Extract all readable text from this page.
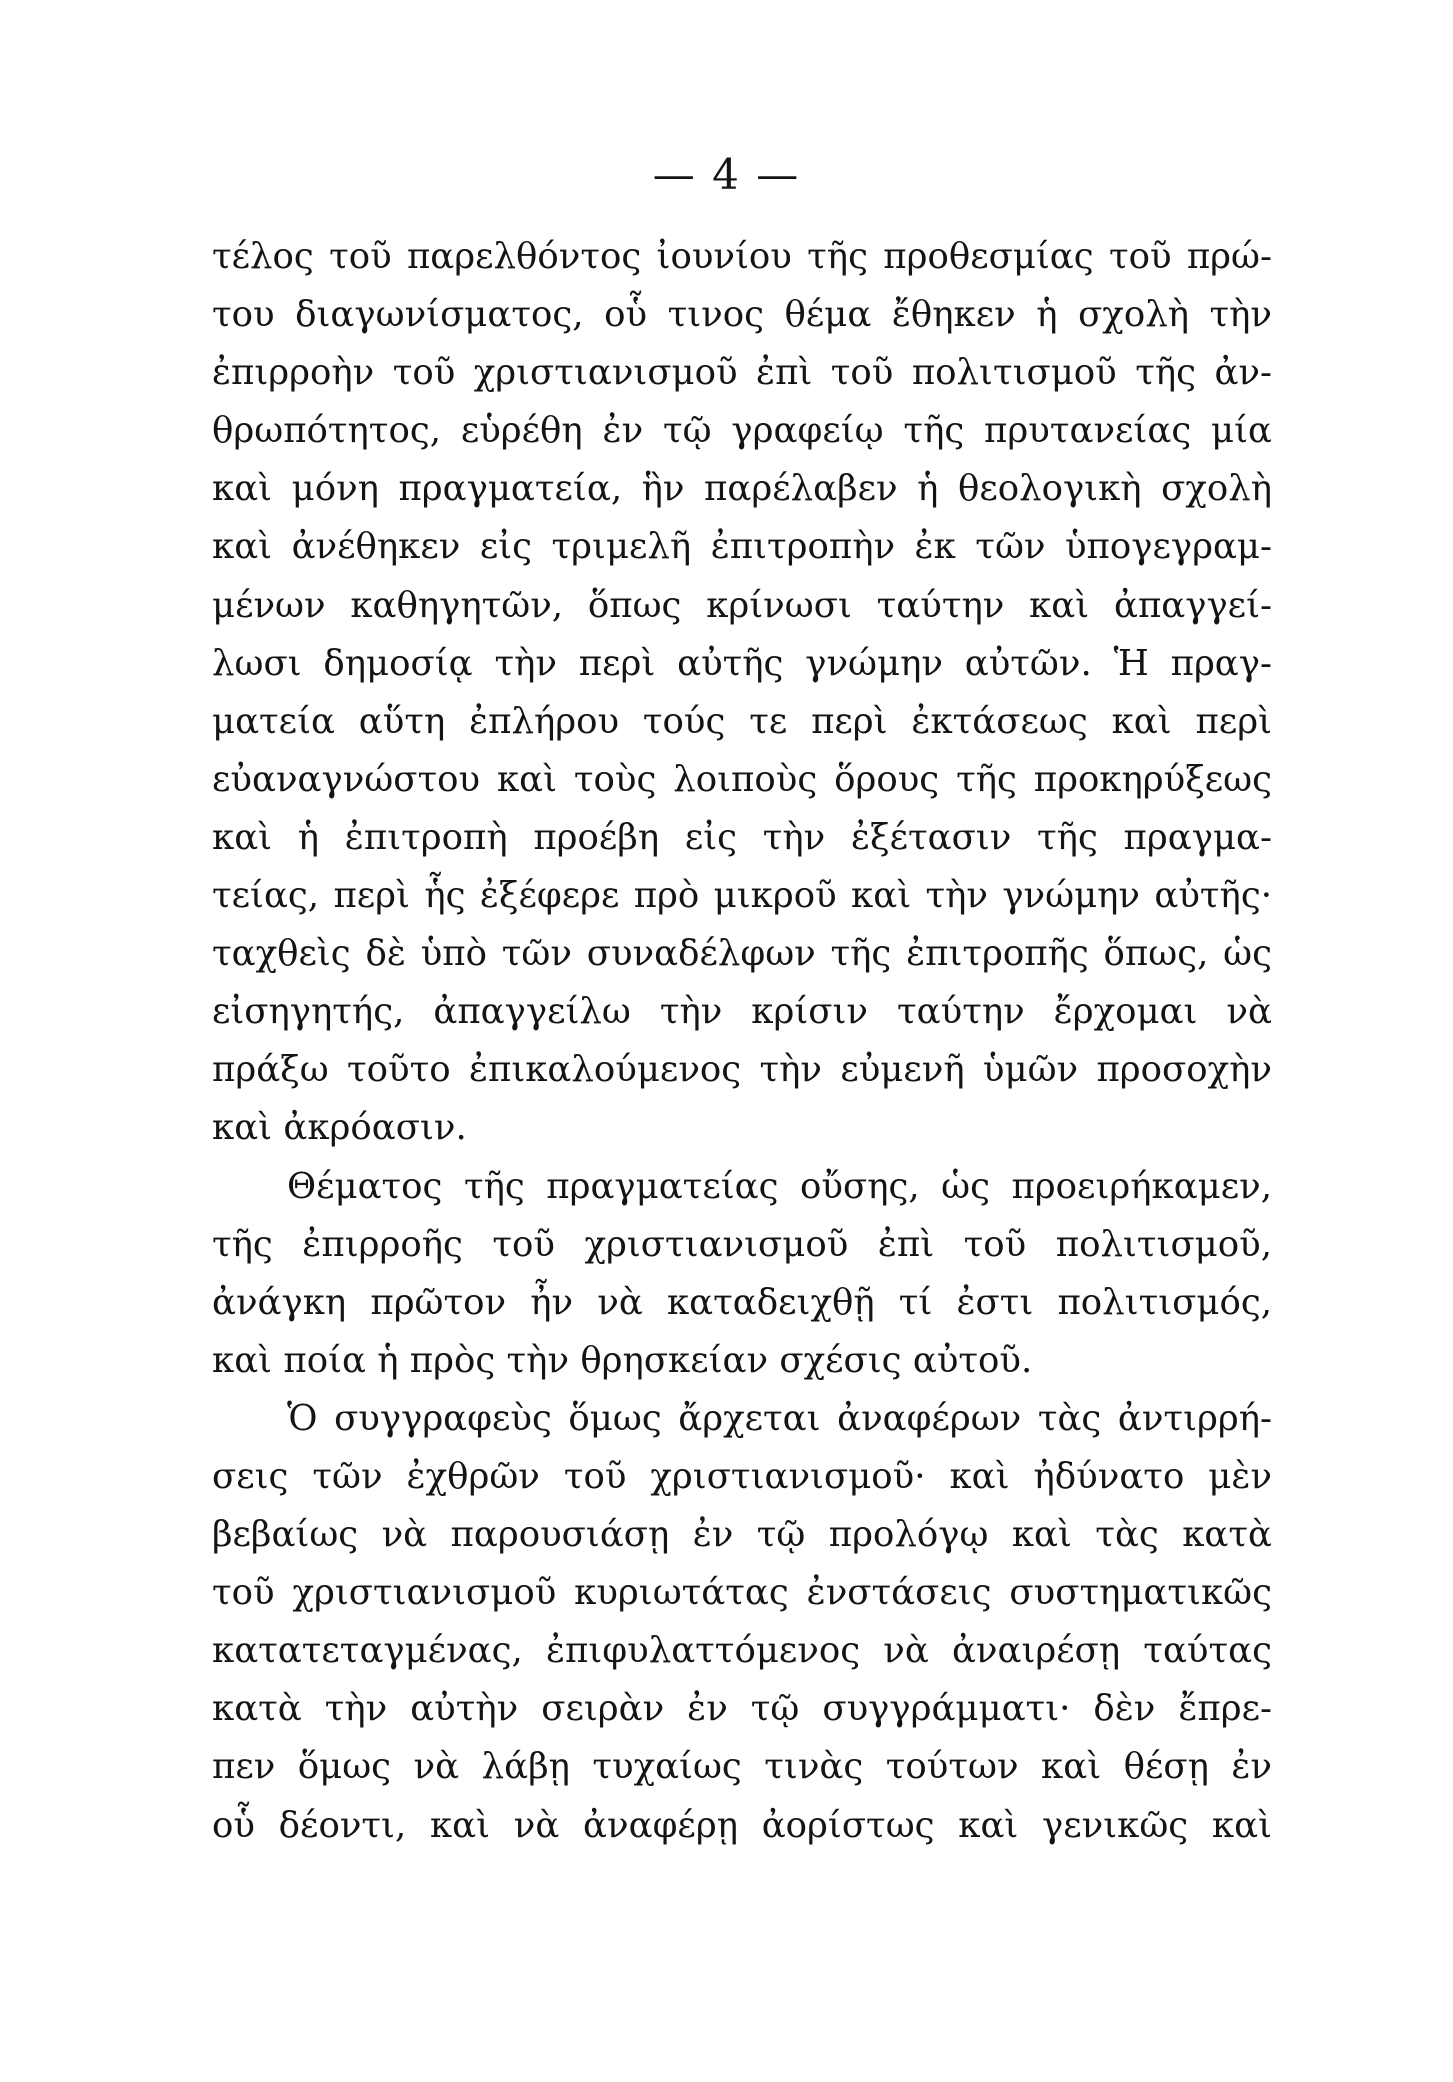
— 4 —
τέλος τοῦ παρελθόντος ἰουνίου τῆς προθεσμίας τοῦ πρώ-
του διαγωνίσματος, οὗ τινος θέμα ἔθηκεν ἡ σχολὴ τὴν
ἐπιρροὴν τοῦ χριστιανισμοῦ ἐπὶ τοῦ πολιτισμοῦ τῆς ἀν-
θρωπότητος, εὑρέθη ἐν τῷ γραφείῳ τῆς πρυτανείας μία
καὶ μόνη πραγματεία, ἣν παρέλαβεν ἡ θεολογικὴ σχολὴ
καὶ ἀνέθηκεν εἰς τριμελῆ ἐπιτροπὴν ἐκ τῶν ὑπογεγραμ-
μένων καθηγητῶν, ὅπως κρίνωσι ταύτην καὶ ἀπαγγεί-
λωσι δημοσίᾳ τὴν περὶ αὐτῆς γνώμην αὐτῶν. Ἡ πραγ-
ματεία αὕτη ἐπλήρου τούς τε περὶ ἐκτάσεως καὶ περὶ
εὐαναγνώστου καὶ τοὺς λοιποὺς ὅρους τῆς προκηρύξεως
καὶ ἡ ἐπιτροπὴ προέβη εἰς τὴν ἐξέτασιν τῆς πραγμα-
τείας, περὶ ἧς ἐξέφερε πρὸ μικροῦ καὶ τὴν γνώμην αὐτῆς·
ταχθεὶς δὲ ὑπὸ τῶν συναδέλφων τῆς ἐπιτροπῆς ὅπως, ὡς
εἰσηγητής, ἀπαγγείλω τὴν κρίσιν ταύτην ἔρχομαι νὰ
πράξω τοῦτο ἐπικαλούμενος τὴν εὐμενῆ ὑμῶν προσοχὴν
καὶ ἀκρόασιν.
Θέματος τῆς πραγματείας οὔσης, ὡς προειρήκαμεν,
τῆς ἐπιρροῆς τοῦ χριστιανισμοῦ ἐπὶ τοῦ πολιτισμοῦ,
ἀνάγκη πρῶτον ἦν νὰ καταδειχθῇ τί ἐστι πολιτισμός,
καὶ ποία ἡ πρὸς τὴν θρησκείαν σχέσις αὐτοῦ.
Ὁ συγγραφεὺς ὅμως ἄρχεται ἀναφέρων τὰς ἀντιρρή-
σεις τῶν ἐχθρῶν τοῦ χριστιανισμοῦ· καὶ ἠδύνατο μὲν
βεβαίως νὰ παρουσιάσῃ ἐν τῷ προλόγῳ καὶ τὰς κατὰ
τοῦ χριστιανισμοῦ κυριωτάτας ἐνστάσεις συστηματικῶς
κατατεταγμένας, ἐπιφυλαττόμενος νὰ ἀναιρέσῃ ταύτας
κατὰ τὴν αὐτὴν σειρὰν ἐν τῷ συγγράμματι· δὲν ἔπρε-
πεν ὅμως νὰ λάβῃ τυχαίως τινὰς τούτων καὶ θέσῃ ἐν
οὗ δέοντι, καὶ νὰ ἀναφέρῃ ἀορίστως καὶ γενικῶς καὶ
